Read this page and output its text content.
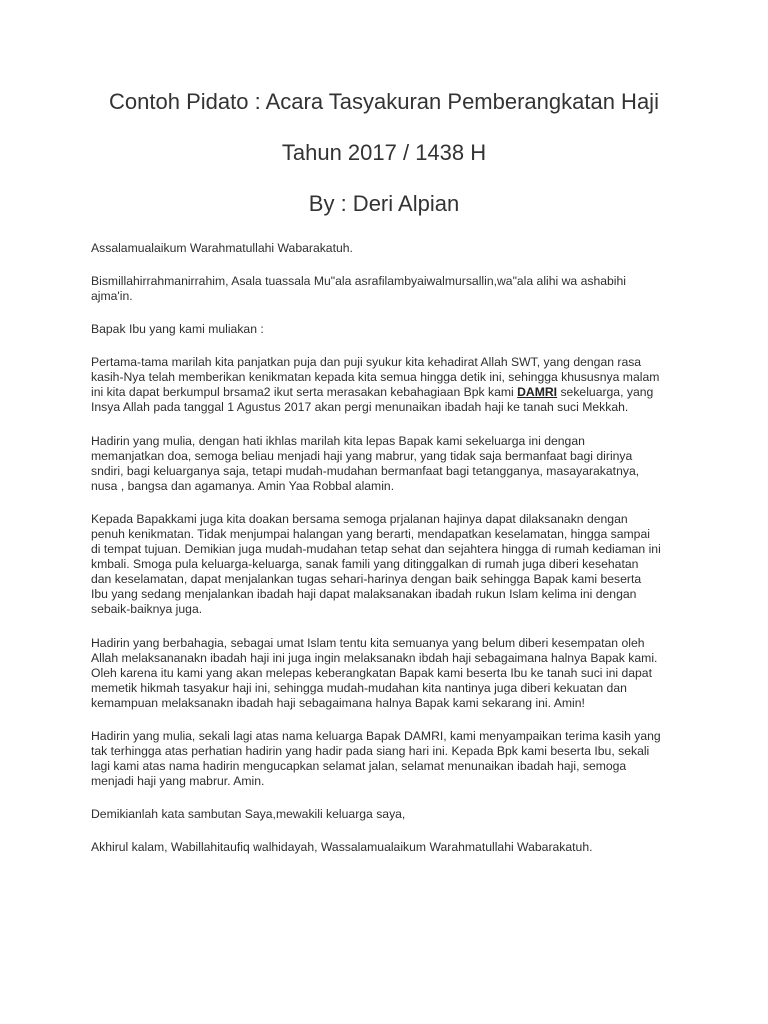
Contoh Pidato : Acara Tasyakuran Pemberangkatan Haji
Tahun 2017 / 1438 H
By : Deri Alpian

Assalamualaikum Warahmatullahi Wabarakatuh.

Bismillahirrahmanirrahim, Asala tuassala Mu"ala asrafilambyaiwalmursallin,wa"ala alihi wa ashabihi
ajma'in.

Bapak Ibu yang kami muliakan :

Pertama-tama marilah kita panjatkan puja dan puji syukur kita kehadirat Allah SWT, yang dengan rasa
kasih-Nya telah memberikan kenikmatan kepada kita semua hingga detik ini, sehingga khususnya malam
ini kita dapat berkumpul brsama2 ikut serta merasakan kebahagiaan Bpk kami DAMRI sekeluarga, yang
Insya Allah pada tanggal 1 Agustus 2017 akan pergi menunaikan ibadah haji ke tanah suci Mekkah.

Hadirin yang mulia, dengan hati ikhlas marilah kita lepas Bapak kami sekeluarga ini dengan
memanjatkan doa, semoga beliau menjadi haji yang mabrur, yang tidak saja bermanfaat bagi dirinya
sndiri, bagi keluarganya saja, tetapi mudah-mudahan bermanfaat bagi tetangganya, masayarakatnya,
nusa , bangsa dan agamanya. Amin Yaa Robbal alamin.

Kepada Bapakkami juga kita doakan bersama semoga prjalanan hajinya dapat dilaksanakn dengan
penuh kenikmatan. Tidak menjumpai halangan yang berarti, mendapatkan keselamatan, hingga sampai
di tempat tujuan. Demikian juga mudah-mudahan tetap sehat dan sejahtera hingga di rumah kediaman ini
kmbali. Smoga pula keluarga-keluarga, sanak famili yang ditinggalkan di rumah juga diberi kesehatan
dan keselamatan, dapat menjalankan tugas sehari-harinya dengan baik sehingga Bapak kami beserta
Ibu yang sedang menjalankan ibadah haji dapat malaksanakan ibadah rukun Islam kelima ini dengan
sebaik-baiknya juga.

Hadirin yang berbahagia, sebagai umat Islam tentu kita semuanya yang belum diberi kesempatan oleh
Allah melaksananakn ibadah haji ini juga ingin melaksanakn ibdah haji sebagaimana halnya Bapak kami.
Oleh karena itu kami yang akan melepas keberangkatan Bapak kami beserta Ibu ke tanah suci ini dapat
memetik hikmah tasyakur haji ini, sehingga mudah-mudahan kita nantinya juga diberi kekuatan dan
kemampuan melaksanakn ibadah haji sebagaimana halnya Bapak kami sekarang ini. Amin!

Hadirin yang mulia, sekali lagi atas nama keluarga Bapak DAMRI, kami menyampaikan terima kasih yang
tak terhingga atas perhatian hadirin yang hadir pada siang hari ini. Kepada Bpk kami beserta Ibu, sekali
lagi kami atas nama hadirin mengucapkan selamat jalan, selamat menunaikan ibadah haji, semoga
menjadi haji yang mabrur. Amin.

Demikianlah kata sambutan Saya,mewakili keluarga saya,

Akhirul kalam, Wabillahitaufiq walhidayah, Wassalamualaikum Warahmatullahi Wabarakatuh.
